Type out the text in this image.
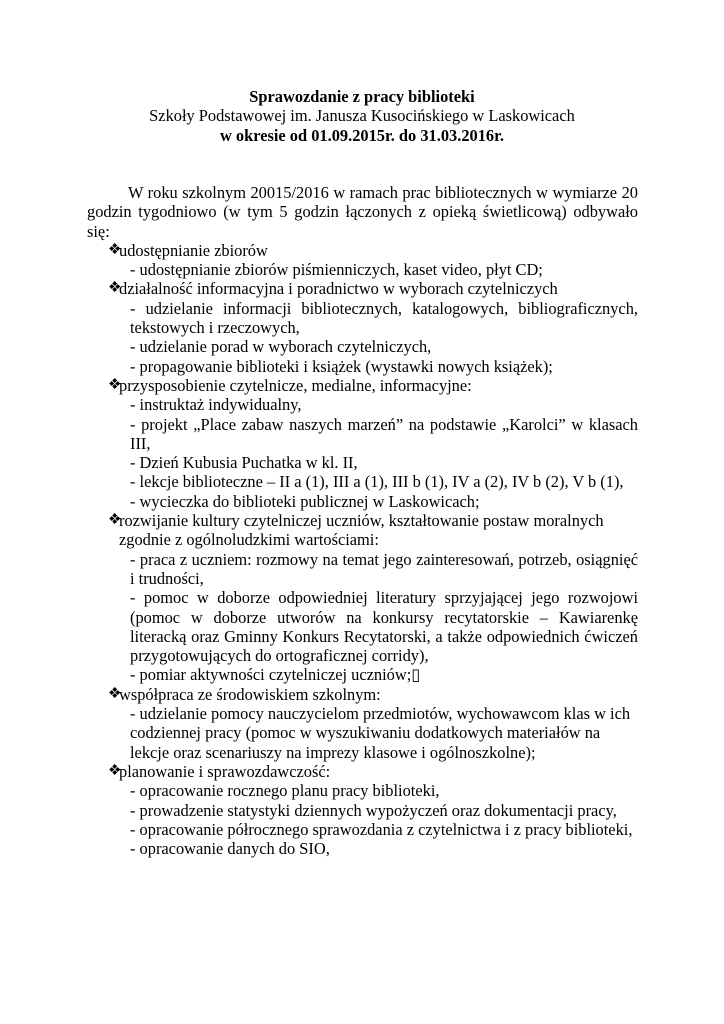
Sprawozdanie z pracy biblioteki
Szkoły Podstawowej im. Janusza Kusocińskiego w Laskowicach
w okresie od 01.09.2015r. do 31.03.2016r.
W roku szkolnym 20015/2016 w ramach prac bibliotecznych w wymiarze 20 godzin tygodniowo (w tym 5 godzin łączonych z opieką świetlicową) odbywało się:
❖
udostępnianie zbiorów
- udostępnianie zbiorów piśmienniczych, kaset video, płyt CD;
❖
działalność informacyjna i poradnictwo w wyborach czytelniczych
- udzielanie informacji bibliotecznych, katalogowych, bibliograficznych, tekstowych i rzeczowych,
- udzielanie porad w wyborach czytelniczych,
- propagowanie biblioteki i książek (wystawki nowych książek);
❖
przysposobienie czytelnicze, medialne, informacyjne:
- instruktaż indywidualny,
- projekt „Place zabaw naszych marzeń” na podstawie „Karolci” w klasach III,
- Dzień Kubusia Puchatka w kl. II,
- lekcje biblioteczne – II a (1), III a (1), III b (1), IV a (2), IV b (2), V b (1),
- wycieczka do biblioteki publicznej w Laskowicach;
❖
rozwijanie kultury czytelniczej uczniów, kształtowanie postaw moralnych zgodnie z ogólnoludzkimi wartościami:
- praca z uczniem: rozmowy na temat jego zainteresowań, potrzeb, osiągnięć i trudności,
- pomoc w doborze odpowiedniej literatury sprzyjającej jego rozwojowi (pomoc w doborze utworów na konkursy recytatorskie – Kawiarenkę literacką oraz Gminny Konkurs Recytatorski, a także odpowiednich ćwiczeń przygotowujących do ortograficznej corridy),
- pomiar aktywności czytelniczej uczniów;▯
❖
współpraca ze środowiskiem szkolnym:
- udzielanie pomocy nauczycielom przedmiotów, wychowawcom klas w ich codziennej pracy (pomoc w wyszukiwaniu dodatkowych materiałów na lekcje oraz scenariuszy na imprezy klasowe i ogólnoszkolne);
❖
planowanie i sprawozdawczość:
- opracowanie rocznego planu pracy biblioteki,
- prowadzenie statystyki dziennych wypożyczeń oraz dokumentacji pracy,
- opracowanie półrocznego sprawozdania z czytelnictwa i z pracy biblioteki,
- opracowanie danych do SIO,
